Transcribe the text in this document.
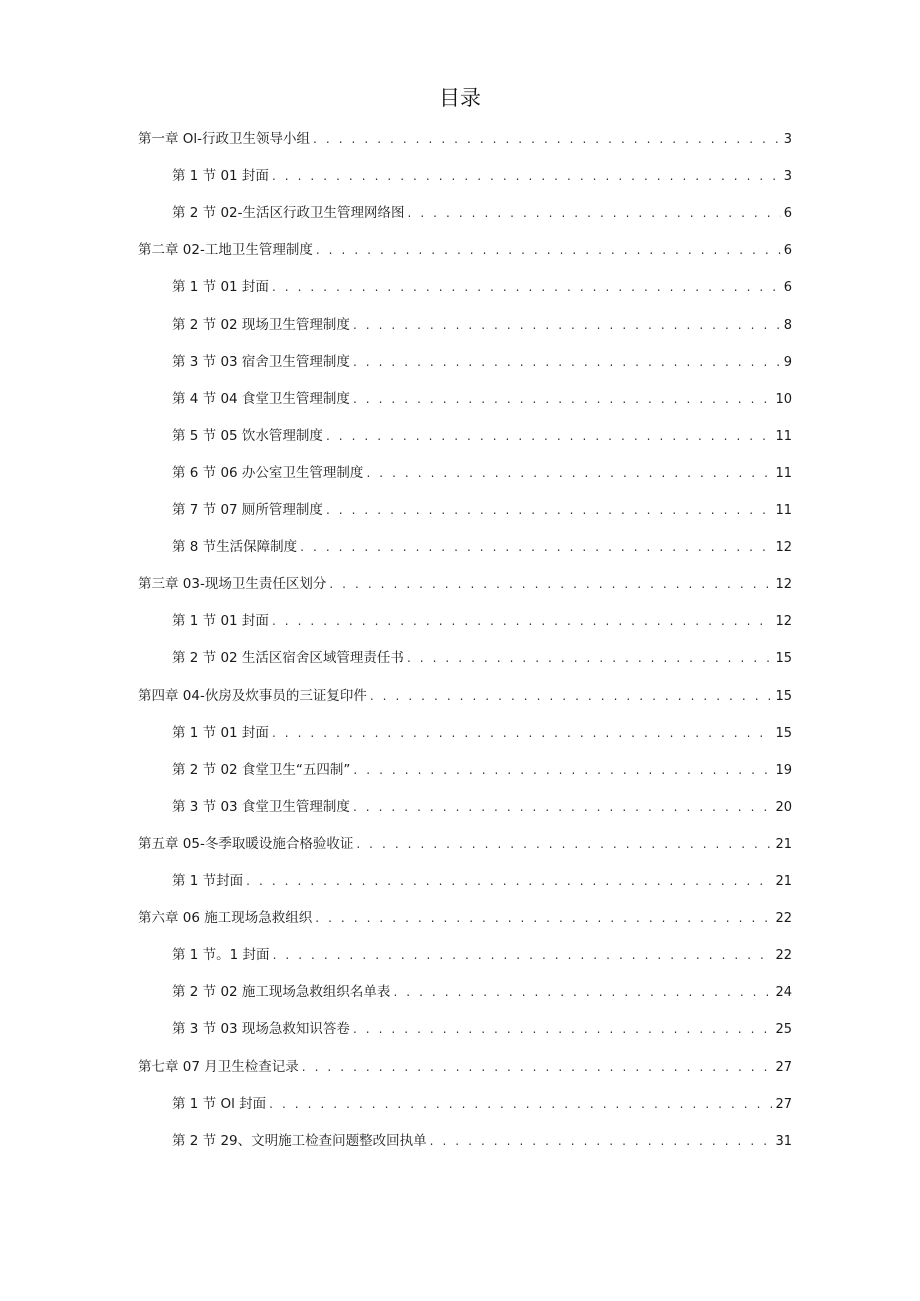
目录
第一章 Ol-行政卫生领导小组 . . .	3
第 1 节 01 封面 . . .	3
第 2 节 02-生活区行政卫生管理网络图 . . .	6
第二章 02-工地卫生管理制度 . . .	6
第 1 节 01 封面 . . .	6
第 2 节 02 现场卫生管理制度 . . .	8
第 3 节 03 宿舍卫生管理制度 . . .	9
第 4 节 04 食堂卫生管理制度 . . .	10
第 5 节 05 饮水管理制度 . . .	11
第 6 节 06 办公室卫生管理制度 . . .	11
第 7 节 07 厕所管理制度 . . .	11
第 8 节生活保障制度 . . .	12
第三章 03-现场卫生责任区划分 . . .	12
第 1 节 01 封面 . . .	12
第 2 节 02 生活区宿舍区域管理责任书 . . .	15
第四章 04-伙房及炊事员的三证复印件 . . .	15
第 1 节 01 封面 . . .	15
第 2 节 02 食堂卫生“五四制” . . .	19
第 3 节 03 食堂卫生管理制度 . . .	20
第五章 05-冬季取暖设施合格验收证 . . .	21
第 1 节封面 . . .	21
第六章 06 施工现场急救组织 . . .	22
第 1 节。1 封面 . . .	22
第 2 节 02 施工现场急救组织名单表 . . .	24
第 3 节 03 现场急救知识答卷 . . .	25
第七章 07 月卫生检查记录 . . .	27
第 1 节 Ol 封面 . . .	27
第 2 节 29、文明施工检查问题整改回执单 . . .	31
